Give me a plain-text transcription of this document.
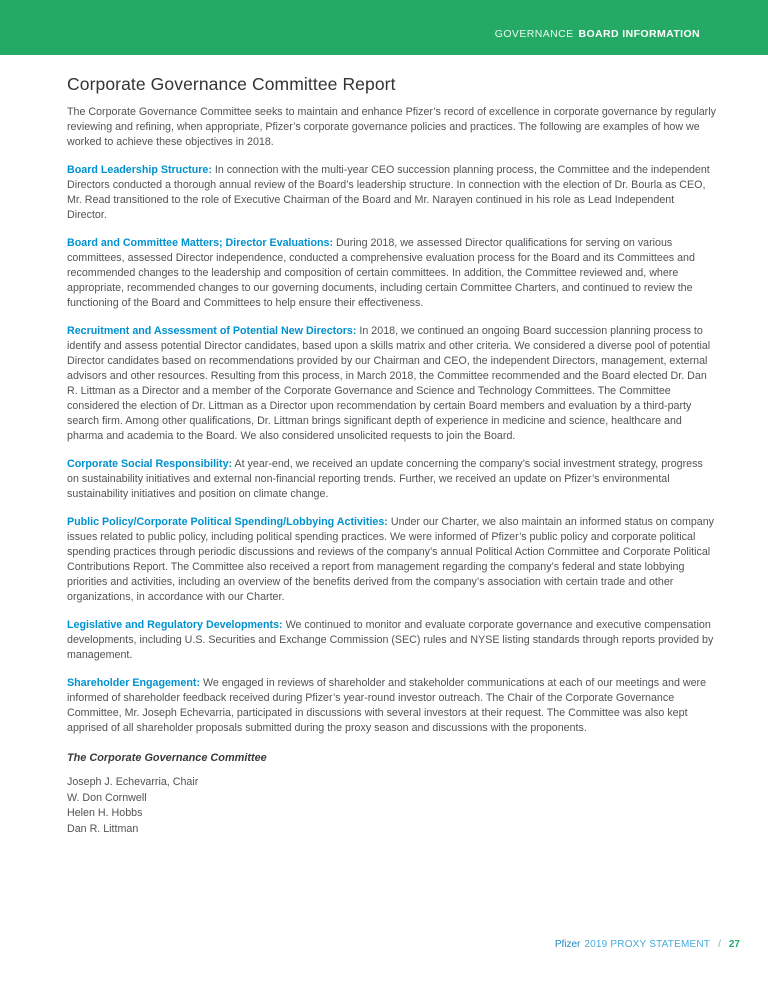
GOVERNANCE BOARD INFORMATION
Corporate Governance Committee Report

The Corporate Governance Committee seeks to maintain and enhance Pfizer’s record of excellence in corporate governance by regularly reviewing and refining, when appropriate, Pfizer’s corporate governance policies and practices. The following are examples of how we worked to achieve these objectives in 2018.

Board Leadership Structure: In connection with the multi-year CEO succession planning process, the Committee and the independent Directors conducted a thorough annual review of the Board’s leadership structure. In connection with the election of Dr. Bourla as CEO, Mr. Read transitioned to the role of Executive Chairman of the Board and Mr. Narayen continued in his role as Lead Independent Director.

Board and Committee Matters; Director Evaluations: During 2018, we assessed Director qualifications for serving on various committees, assessed Director independence, conducted a comprehensive evaluation process for the Board and its Committees and recommended changes to the leadership and composition of certain committees. In addition, the Committee reviewed and, where appropriate, recommended changes to our governing documents, including certain Committee Charters, and continued to review the functioning of the Board and Committees to help ensure their effectiveness.

Recruitment and Assessment of Potential New Directors: In 2018, we continued an ongoing Board succession planning process to identify and assess potential Director candidates, based upon a skills matrix and other criteria. We considered a diverse pool of potential Director candidates based on recommendations provided by our Chairman and CEO, the independent Directors, management, external advisors and other resources. Resulting from this process, in March 2018, the Committee recommended and the Board elected Dr. Dan R. Littman as a Director and a member of the Corporate Governance and Science and Technology Committees. The Committee considered the election of Dr. Littman as a Director upon recommendation by certain Board members and evaluation by a third-party search firm. Among other qualifications, Dr. Littman brings significant depth of experience in medicine and science, healthcare and pharma and academia to the Board. We also considered unsolicited requests to join the Board.

Corporate Social Responsibility: At year-end, we received an update concerning the company’s social investment strategy, progress on sustainability initiatives and external non-financial reporting trends. Further, we received an update on Pfizer’s environmental sustainability initiatives and position on climate change.

Public Policy/Corporate Political Spending/Lobbying Activities: Under our Charter, we also maintain an informed status on company issues related to public policy, including political spending practices. We were informed of Pfizer’s public policy and corporate political spending practices through periodic discussions and reviews of the company’s annual Political Action Committee and Corporate Political Contributions Report. The Committee also received a report from management regarding the company’s federal and state lobbying priorities and activities, including an overview of the benefits derived from the company’s association with certain trade and other organizations, in accordance with our Charter.

Legislative and Regulatory Developments: We continued to monitor and evaluate corporate governance and executive compensation developments, including U.S. Securities and Exchange Commission (SEC) rules and NYSE listing standards through reports provided by management.

Shareholder Engagement: We engaged in reviews of shareholder and stakeholder communications at each of our meetings and were informed of shareholder feedback received during Pfizer’s year-round investor outreach. The Chair of the Corporate Governance Committee, Mr. Joseph Echevarria, participated in discussions with several investors at their request. The Committee was also kept apprised of all shareholder proposals submitted during the proxy season and discussions with the proponents.

The Corporate Governance Committee

Joseph J. Echevarria, Chair
W. Don Cornwell
Helen H. Hobbs
Dan R. Littman
Pfizer 2019 PROXY STATEMENT / 27
